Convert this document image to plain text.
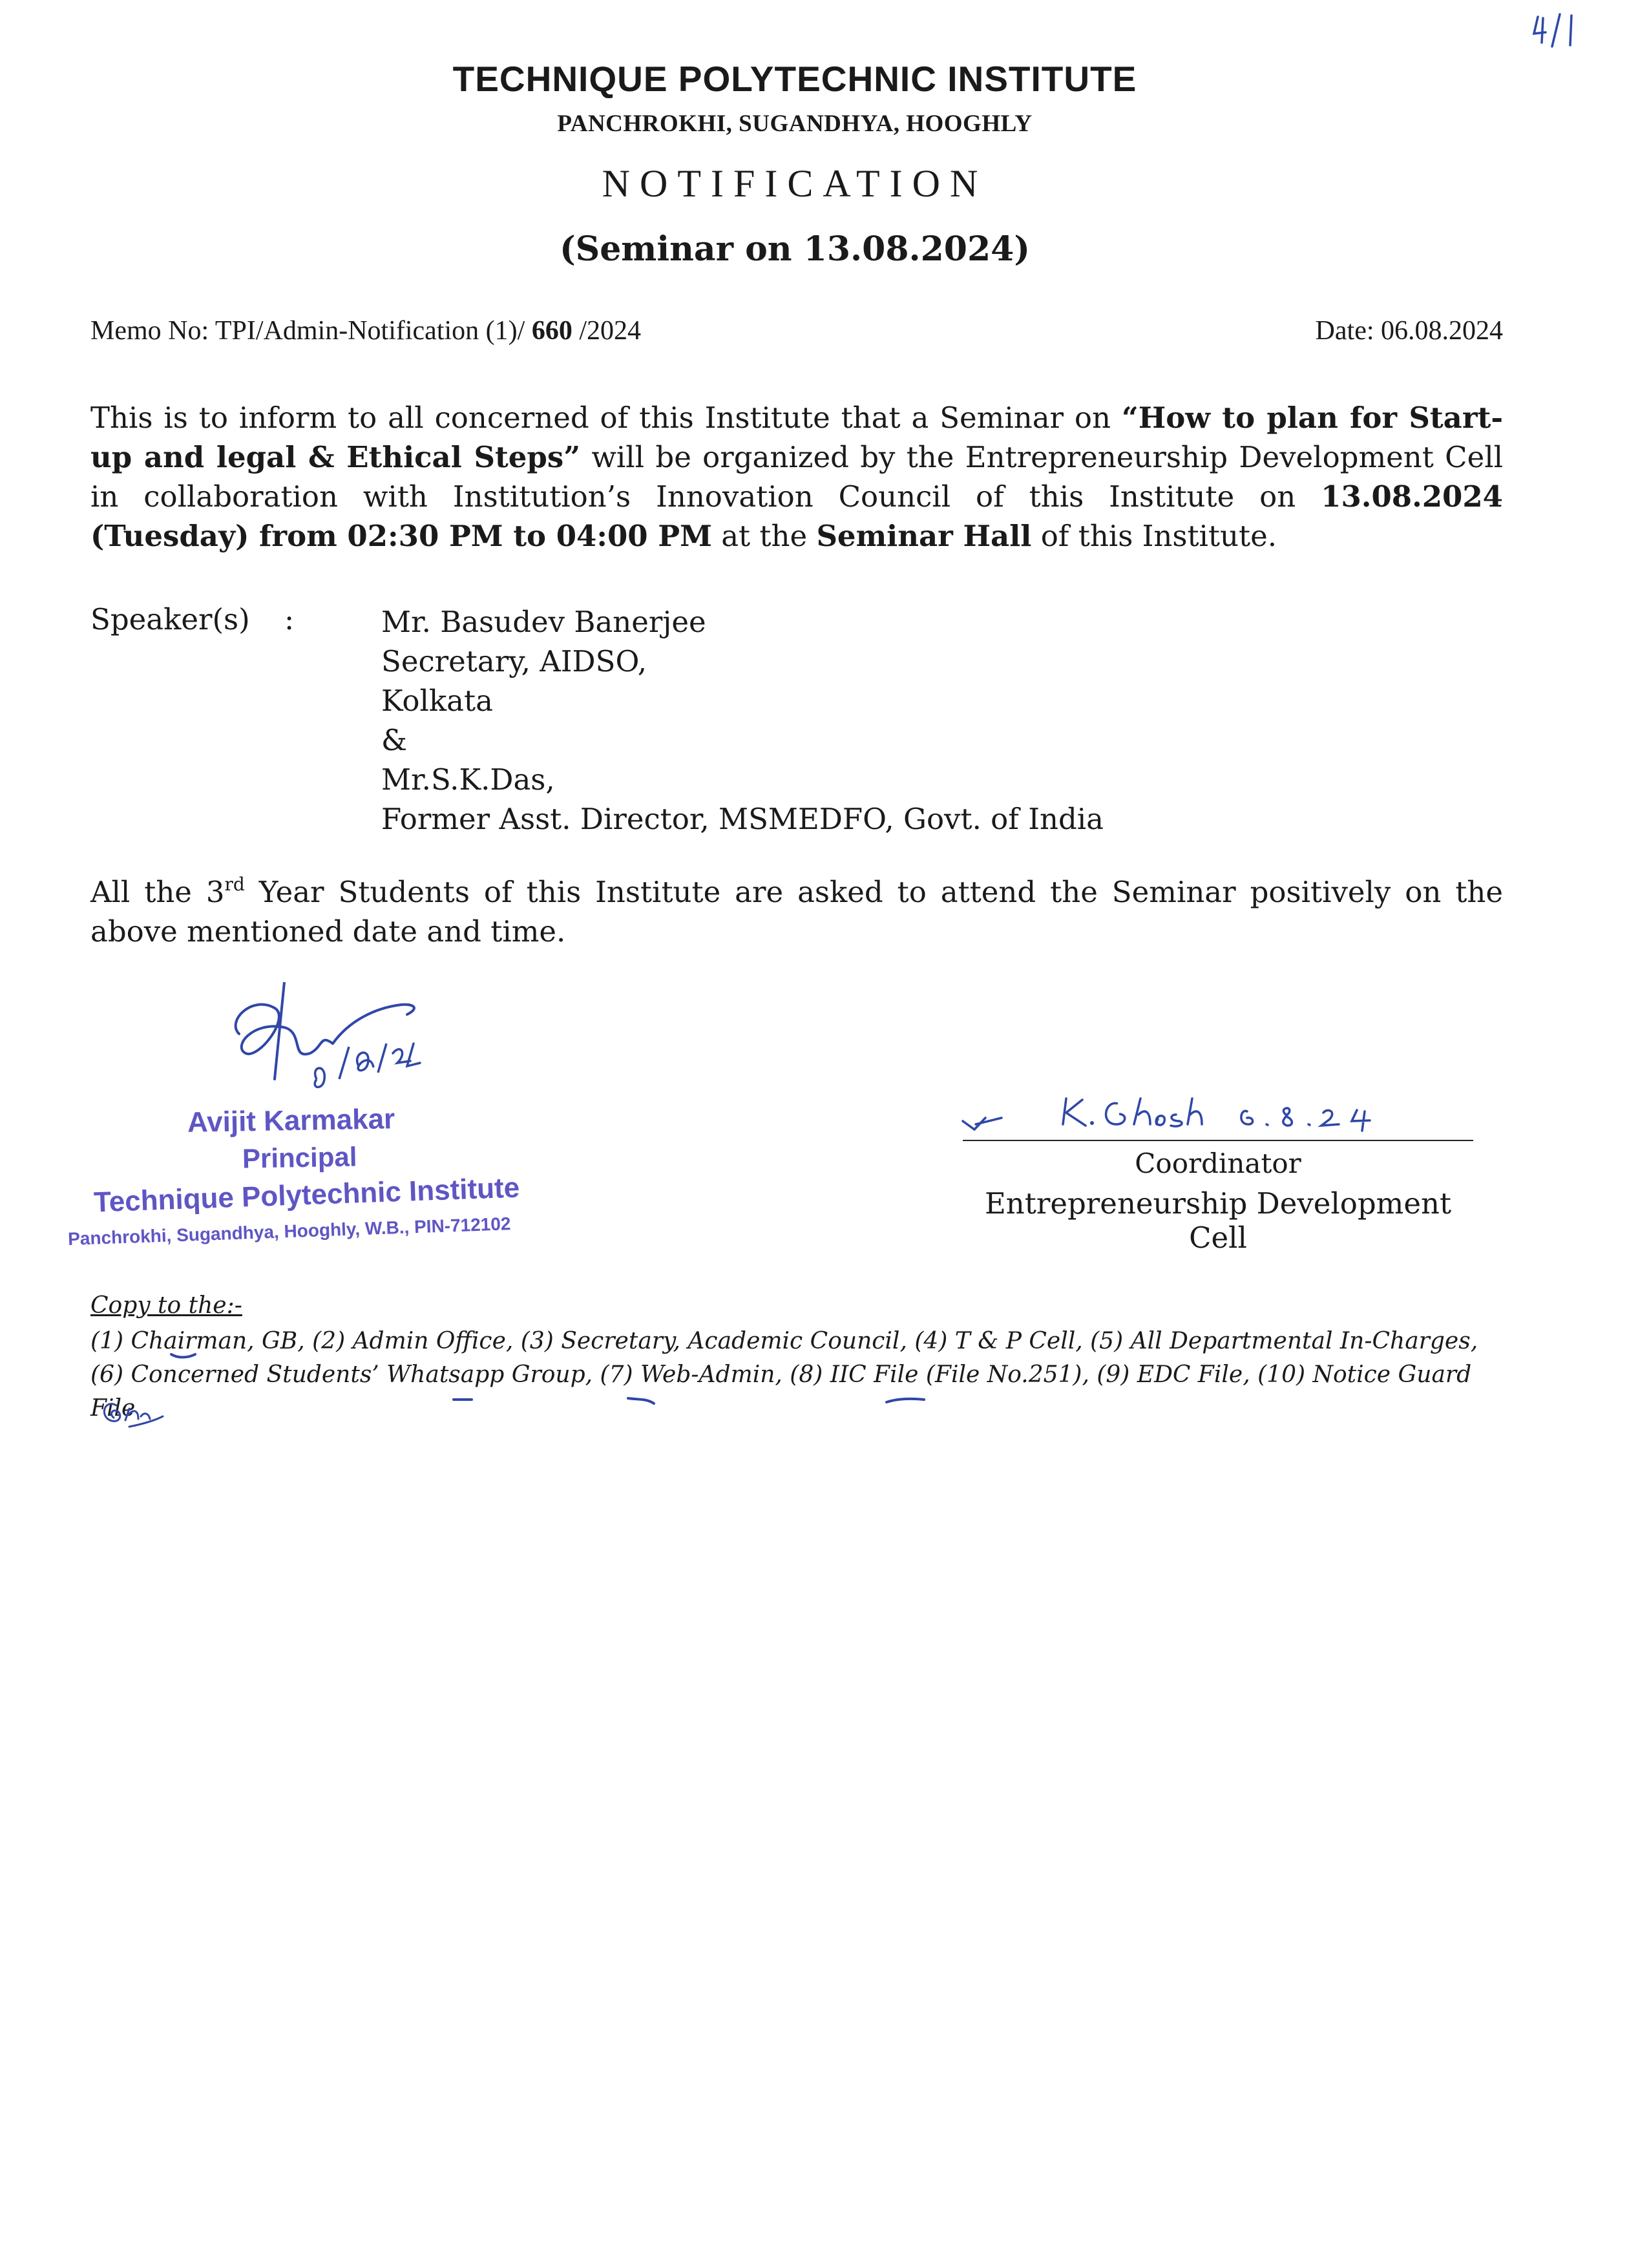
TECHNIQUE POLYTECHNIC INSTITUTE
PANCHROKHI, SUGANDHYA, HOOGHLY
NOTIFICATION
(Seminar on 13.08.2024)
Memo No: TPI/Admin-Notification (1)/ 660 /2024	Date: 06.08.2024
This is to inform to all concerned of this Institute that a Seminar on “How to plan for Start-up and legal & Ethical Steps” will be organized by the Entrepreneurship Development Cell in collaboration with Institution’s Innovation Council of this Institute on 13.08.2024 (Tuesday) from 02:30 PM to 04:00 PM at the Seminar Hall of this Institute.
Speaker(s) :	Mr. Basudev Banerjee
Secretary, AIDSO,
Kolkata
&
Mr.S.K.Das,
Former Asst. Director, MSMEDFO, Govt. of India
All the 3rd Year Students of this Institute are asked to attend the Seminar positively on the above mentioned date and time.
Avijit Karmakar
Principal
Technique Polytechnic Institute
Panchrokhi, Sugandhya, Hooghly, W.B., PIN-712102
Coordinator
Entrepreneurship Development Cell
Copy to the:-
(1) Chairman, GB, (2) Admin Office, (3) Secretary, Academic Council, (4) T & P Cell, (5) All Departmental In-Charges, (6) Concerned Students’ Whatsapp Group, (7) Web-Admin, (8) IIC File (File No.251), (9) EDC File, (10) Notice Guard File
